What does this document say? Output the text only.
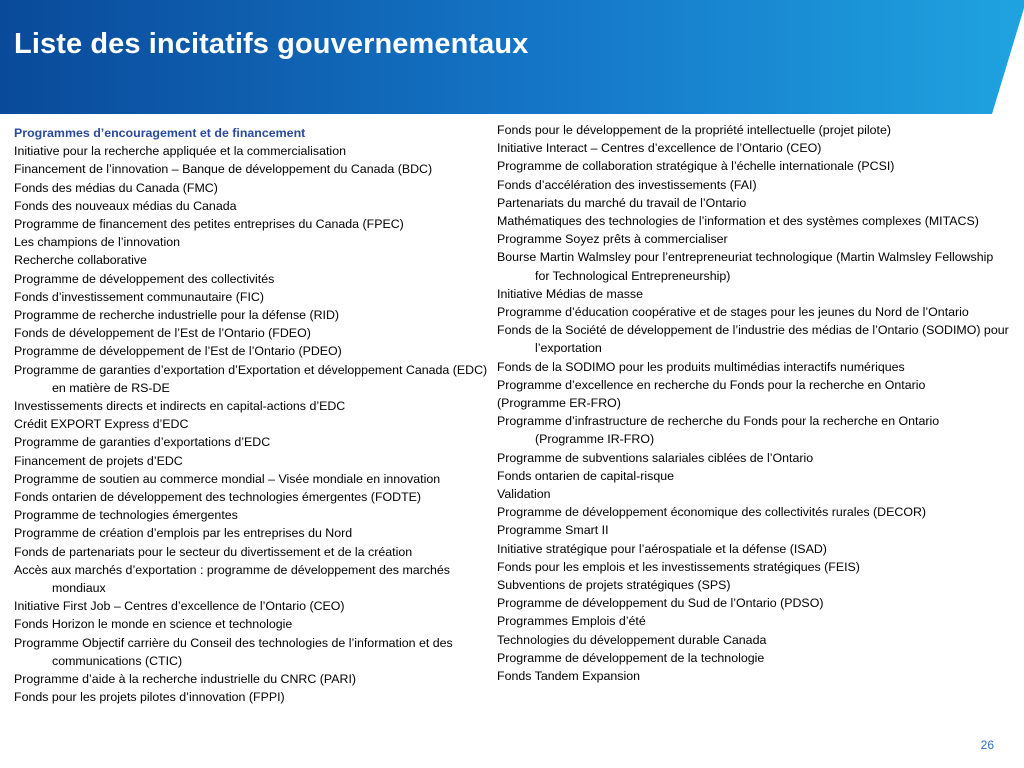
Liste des incitatifs gouvernementaux

Programmes d’encouragement et de financement

Initiative pour la recherche appliquée et la commercialisation
Financement de l’innovation – Banque de développement du Canada (BDC)
Fonds des médias du Canada (FMC)
Fonds des nouveaux médias du Canada
Programme de financement des petites entreprises du Canada (FPEC)
Les champions de l’innovation
Recherche collaborative
Programme de développement des collectivités
Fonds d’investissement communautaire (FIC)
Programme de recherche industrielle pour la défense (RID)
Fonds de développement de l’Est de l’Ontario (FDEO)
Programme de développement de l’Est de l’Ontario (PDEO)
Programme de garanties d’exportation d’Exportation et développement Canada (EDC) en matière de RS-DE
Investissements directs et indirects en capital-actions d’EDC
Crédit EXPORT Express d’EDC
Programme de garanties d’exportations d’EDC
Financement de projets d’EDC
Programme de soutien au commerce mondial – Visée mondiale en innovation
Fonds ontarien de développement des technologies émergentes (FODTE)
Programme de technologies émergentes
Programme de création d’emplois par les entreprises du Nord
Fonds de partenariats pour le secteur du divertissement et de la création
Accès aux marchés d’exportation : programme de développement des marchés mondiaux
Initiative First Job – Centres d’excellence de l’Ontario (CEO)
Fonds Horizon le monde en science et technologie
Programme Objectif carrière du Conseil des technologies de l’information et des communications (CTIC)
Programme d’aide à la recherche industrielle du CNRC (PARI)
Fonds pour les projets pilotes d’innovation (FPPI)
Fonds pour le développement de la propriété intellectuelle (projet pilote)
Initiative Interact – Centres d’excellence de l’Ontario (CEO)
Programme de collaboration stratégique à l’échelle internationale (PCSI)
Fonds d’accélération des investissements (FAI)
Partenariats du marché du travail de l’Ontario
Mathématiques des technologies de l’information et des systèmes complexes (MITACS)
Programme Soyez prêts à commercialiser
Bourse Martin Walmsley pour l’entrepreneuriat technologique (Martin Walmsley Fellowship for Technological Entrepreneurship)
Initiative Médias de masse
Programme d’éducation coopérative et de stages pour les jeunes du Nord de l’Ontario
Fonds de la Société de développement de l’industrie des médias de l’Ontario (SODIMO) pour l’exportation
Fonds de la SODIMO pour les produits multimédias interactifs numériques
Programme d’excellence en recherche du Fonds pour la recherche en Ontario
(Programme ER-FRO)
Programme d’infrastructure de recherche du Fonds pour la recherche en Ontario (Programme IR-FRO)
Programme de subventions salariales ciblées de l’Ontario
Fonds ontarien de capital-risque
Validation
Programme de développement économique des collectivités rurales (DECOR)
Programme Smart II
Initiative stratégique pour l’aérospatiale et la défense (ISAD)
Fonds pour les emplois et les investissements stratégiques (FEIS)
Subventions de projets stratégiques (SPS)
Programme de développement du Sud de l’Ontario (PDSO)
Programmes Emplois d’été
Technologies du développement durable Canada
Programme de développement de la technologie
Fonds Tandem Expansion
26
